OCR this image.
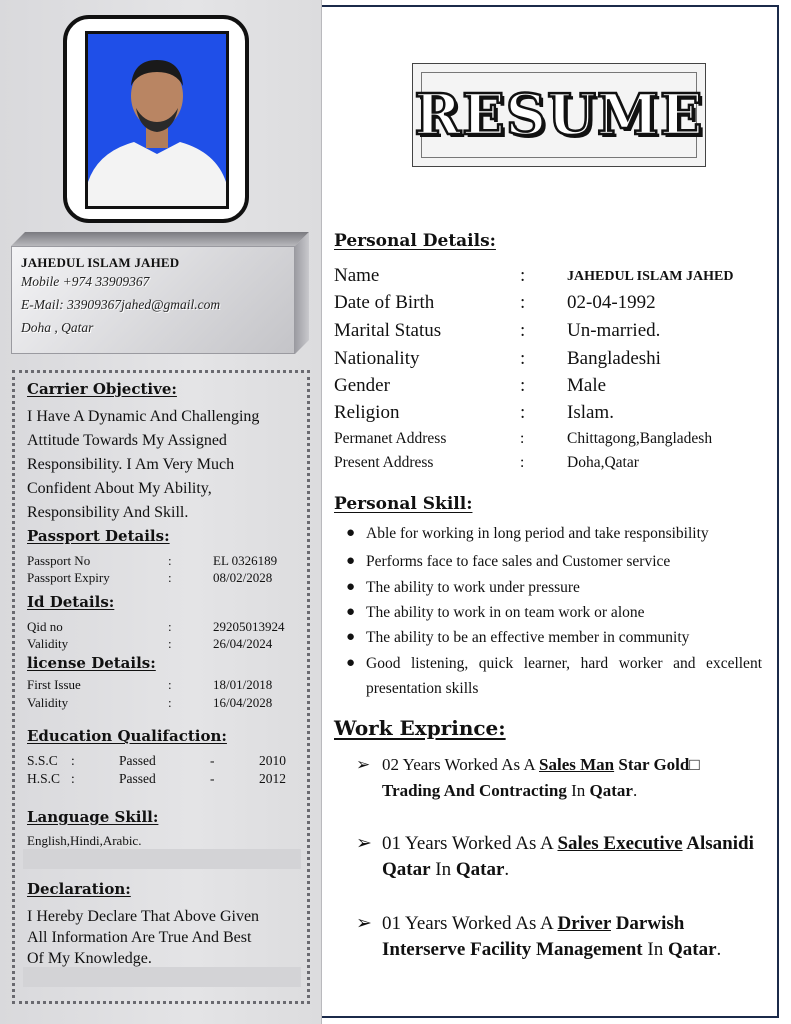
JAHEDUL ISLAM JAHED
Mobile +974 33909367
E-Mail: 33909367jahed@gmail.com
Doha , Qatar
Carrier Objective:
I Have A Dynamic And Challenging
Attitude Towards My Assigned
Responsibility. I Am Very Much
Confident About My Ability,
Responsibility And Skill.
Passport Details:
Passport No	:	EL 0326189
Passport Expiry	:	08/02/2028
Id Details:
Qid no	:	29205013924
Validity	:	26/04/2024
license Details:
First Issue	:	18/01/2018
Validity	:	16/04/2028
Education Qualifaction:
S.S.C :	Passed	-	2010
H.S.C :	Passed	-	2012
Language Skill:
English,Hindi,Arabic.
Declaration:
I Hereby Declare That Above Given
All Information Are True And Best
Of My Knowledge.
RESUME
Personal Details:
Name	:	JAHEDUL ISLAM JAHED
Date of Birth	: 02-04-1992
Marital Status	: Un-married.
Nationality	: Bangladeshi
Gender	: Male
Religion	: Islam.
Permanet Address	:	Chittagong,Bangladesh
Present Address	:	Doha,Qatar
Personal Skill:
● Able for working in long period and take responsibility
● Performs face to face sales and Customer service
● The ability to work under pressure
● The ability to work in on team work or alone
● The ability to be an effective member in community
● Good listening, quick learner, hard worker and excellent presentation skills
Work Exprince:
➢ 02 Years Worked As A Sales Man Star Gold□ Trading And Contracting In Qatar.
➢ 01 Years Worked As A Sales Executive Alsanidi Qatar In Qatar.
➢ 01 Years Worked As A Driver Darwish Interserve Facility Management In Qatar.
